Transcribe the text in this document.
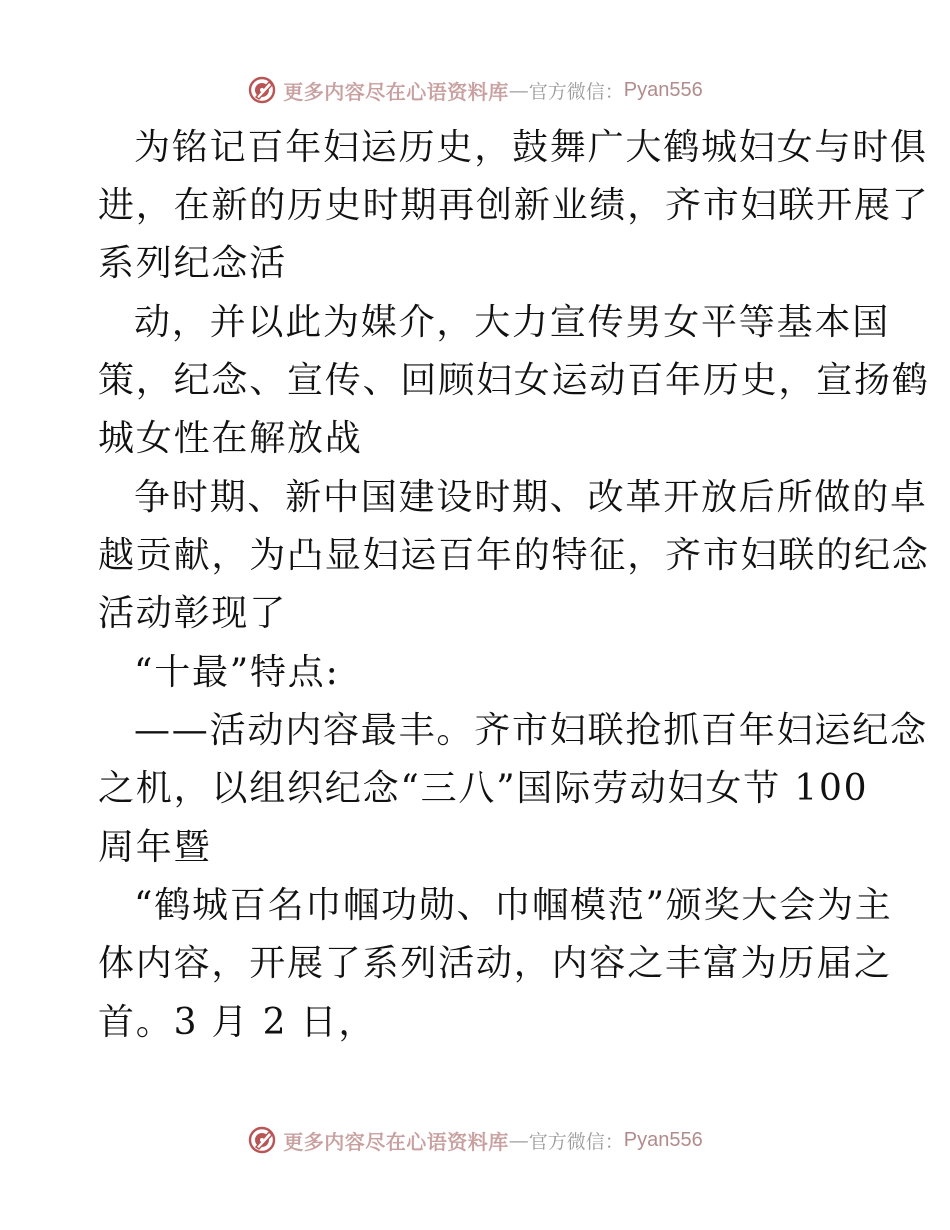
更多内容尽在心语资料库 — 官方微信： Pyan556
为铭记百年妇运历史，鼓舞广大鹤城妇女与时俱
进，在新的历史时期再创新业绩，齐市妇联开展了
系列纪念活
动，并以此为媒介，大力宣传男女平等基本国
策，纪念、宣传、回顾妇女运动百年历史，宣扬鹤
城女性在解放战
争时期、新中国建设时期、改革开放后所做的卓
越贡献，为凸显妇运百年的特征，齐市妇联的纪念
活动彰现了
“十最”特点:
——活动内容最丰。齐市妇联抢抓百年妇运纪念
之机，以组织纪念“三八”国际劳动妇女节 100
周年暨
“鹤城百名巾帼功勋、巾帼模范”颁奖大会为主
体内容，开展了系列活动，内容之丰富为历届之
首。3 月 2 日，
更多内容尽在心语资料库 — 官方微信： Pyan556
